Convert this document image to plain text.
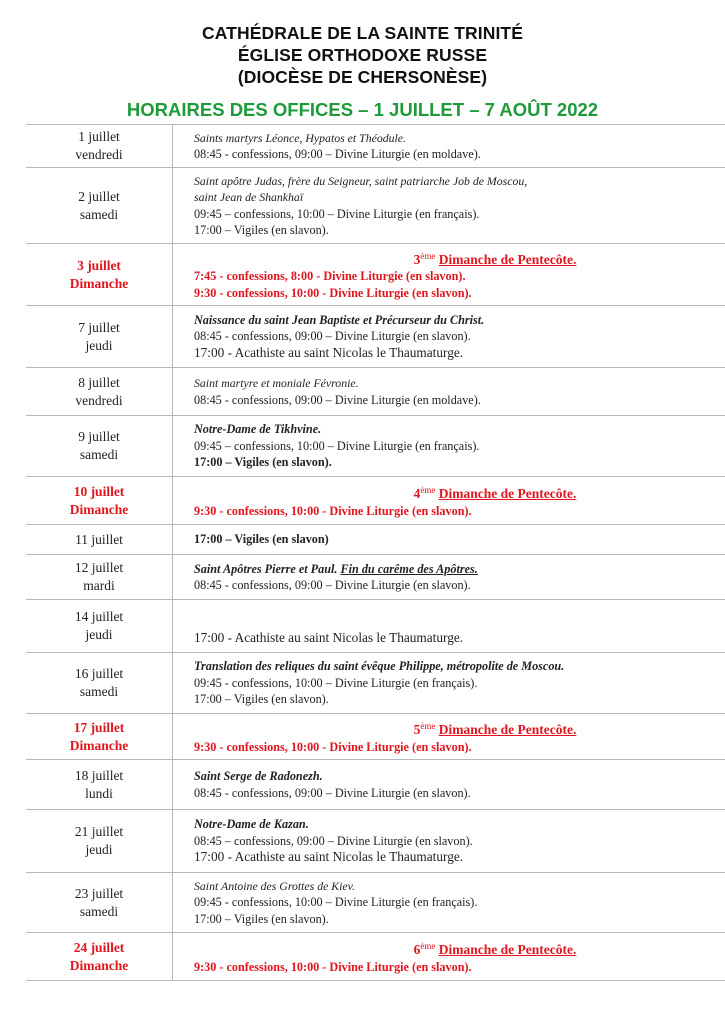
CATHÉDRALE DE LA SAINTE TRINITÉ
ÉGLISE ORTHODOXE RUSSE
(DIOCÈSE DE CHERSONÈSE)
HORAIRES DES OFFICES – 1 JUILLET – 7 AOÛT 2022
1 juillet
vendredi	Saints martyrs Léonce, Hypatos et Théodule.
08:45 - confessions, 09:00 – Divine Liturgie (en moldave).

2 juillet
samedi	Saint apôtre Judas, frère du Seigneur, saint patriarche Job de Moscou,
saint Jean de Shankhaï
09:45 – confessions, 10:00 – Divine Liturgie (en français).
17:00 – Vigiles (en slavon).

3 juillet
Dimanche	3ème Dimanche de Pentecôte.
7:45 - confessions, 8:00 - Divine Liturgie (en slavon).
9:30 - confessions, 10:00 - Divine Liturgie (en slavon).

7 juillet
jeudi	Naissance du saint Jean Baptiste et Précurseur du Christ.
08:45 - confessions, 09:00 – Divine Liturgie (en slavon).
17:00 - Acathiste au saint Nicolas le Thaumaturge.

8 juillet
vendredi	Saint martyre et moniale Févronie.
08:45 - confessions, 09:00 – Divine Liturgie (en moldave).

9 juillet
samedi	Notre-Dame de Tikhvine.
09:45 – confessions, 10:00 – Divine Liturgie (en français).
17:00 – Vigiles (en slavon).

10 juillet
Dimanche	4ème Dimanche de Pentecôte.
9:30 - confessions, 10:00 - Divine Liturgie (en slavon).

11 juillet	17:00 – Vigiles (en slavon)

12 juillet
mardi	Saint Apôtres Pierre et Paul. Fin du carême des Apôtres.
08:45 - confessions, 09:00 – Divine Liturgie (en slavon).

14 juillet
jeudi	17:00 - Acathiste au saint Nicolas le Thaumaturge.

16 juillet
samedi	Translation des reliques du saint évêque Philippe, métropolite de Moscou.
09:45 - confessions, 10:00 – Divine Liturgie (en français).
17:00 – Vigiles (en slavon).

17 juillet
Dimanche	5ème Dimanche de Pentecôte.
9:30 - confessions, 10:00 - Divine Liturgie (en slavon).

18 juillet
lundi	Saint Serge de Radonezh.
08:45 - confessions, 09:00 – Divine Liturgie (en slavon).

21 juillet
jeudi	Notre-Dame de Kazan.
08:45 – confessions, 09:00 – Divine Liturgie (en slavon).
17:00 - Acathiste au saint Nicolas le Thaumaturge.

23 juillet
samedi	Saint Antoine des Grottes de Kiev.
09:45 - confessions, 10:00 – Divine Liturgie (en français).
17:00 – Vigiles (en slavon).

24 juillet
Dimanche	6ème Dimanche de Pentecôte.
9:30 - confessions, 10:00 - Divine Liturgie (en slavon).
